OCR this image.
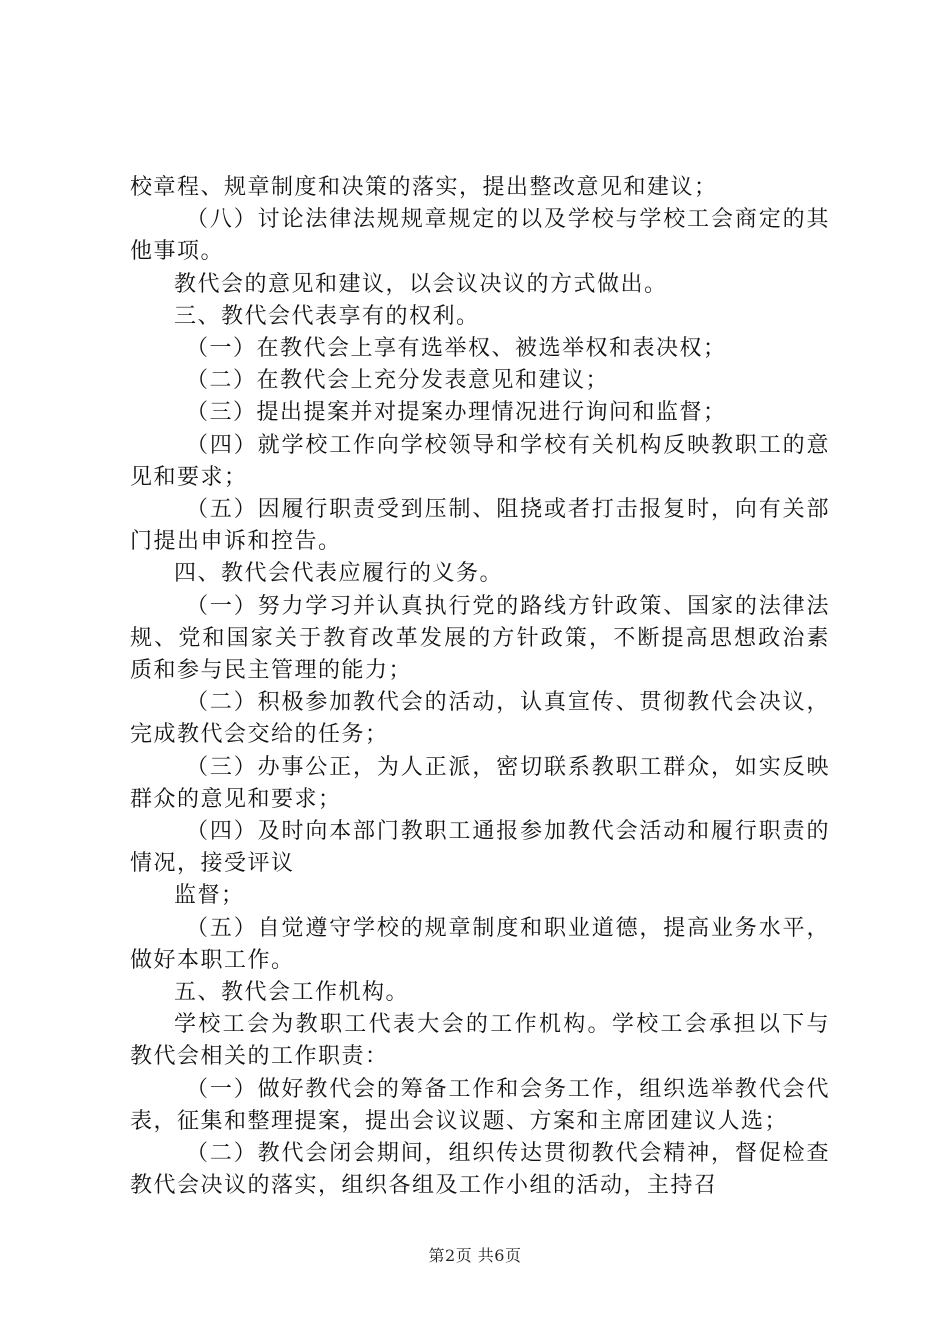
校章程、规章制度和决策的落实，提出整改意见和建议；

（八）讨论法律法规规章规定的以及学校与学校工会商定的其他事项。

教代会的意见和建议，以会议决议的方式做出。

三、教代会代表享有的权利。

（一）在教代会上享有选举权、被选举权和表决权；

（二）在教代会上充分发表意见和建议；

（三）提出提案并对提案办理情况进行询问和监督；

（四）就学校工作向学校领导和学校有关机构反映教职工的意见和要求；

（五）因履行职责受到压制、阻挠或者打击报复时，向有关部门提出申诉和控告。

四、教代会代表应履行的义务。

（一）努力学习并认真执行党的路线方针政策、国家的法律法规、党和国家关于教育改革发展的方针政策，不断提高思想政治素质和参与民主管理的能力；

（二）积极参加教代会的活动，认真宣传、贯彻教代会决议，完成教代会交给的任务；

（三）办事公正，为人正派，密切联系教职工群众，如实反映群众的意见和要求；

（四）及时向本部门教职工通报参加教代会活动和履行职责的情况，接受评议

监督；

（五）自觉遵守学校的规章制度和职业道德，提高业务水平，做好本职工作。

五、教代会工作机构。

学校工会为教职工代表大会的工作机构。学校工会承担以下与教代会相关的工作职责：

（一）做好教代会的筹备工作和会务工作，组织选举教代会代表，征集和整理提案，提出会议议题、方案和主席团建议人选；

（二）教代会闭会期间，组织传达贯彻教代会精神，督促检查教代会决议的落实，组织各组及工作小组的活动，主持召

第2页 共6页
